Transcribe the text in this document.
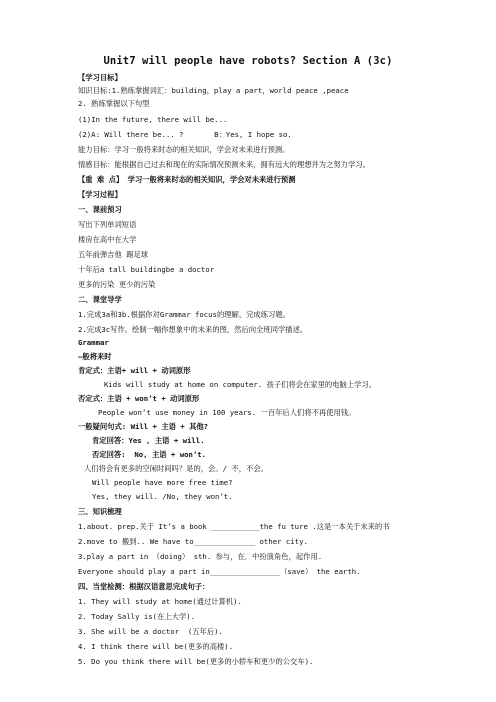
Unit7 will people have robots? Section A (3c)
【学习目标】
知识目标:1.熟练掌握词汇：building，play a part，world peace ,peace
2. 熟练掌握以下句型
(1)In the future, there will be...
(2)A: Will there be... ?       B：Yes, I hope so.
能力目标：学习一般将来时态的相关知识，学会对未来进行预测。
情感目标：能根据自己过去和现在的实际情况预测未来，拥有远大的理想并为之努力学习。
【重 难 点】 学习一般将来时态的相关知识，学会对未来进行预测
【学习过程】
一、课前预习
写出下列单词短语
楼房在高中在大学
五年前弹吉他 踢足球
十年后a tall buildingbe a doctor
更多的污染 更少的污染
二、课堂导学
1.完成3a和3b.根据你对Grammar focus的理解，完成练习题。
2.完成3c写作。绘制一幅你想象中的未来的图，然后向全班同学描述。
Grammar
—般将来时
肯定式：主语+ will + 动词原形
Kids will study at home on computer. 孩子们将会在家里的电脑上学习。
否定式：主语 + won’t + 动词原形
People won’t use money in 100 years. 一百年后人们将不再使用钱。
一般疑问句式: Will + 主语 + 其他?
肯定回答：Yes , 主语 + will.
否定回答:  No, 主语 + won’t.
人们将会有更多的空闲时间吗？是的，会。/ 不，不会。
Will people have more free time?
Yes, they will. /No, they won’t.
三、知识梳理
1.about. prep.关于 It’s a book ___________the fu ture .这是一本关于未来的书
2.move to 搬到.. We have to______________ other city.
3.play a part in （doing） sth. 参与，在．中扮演角色，起作用.
Everyone should play a part in________________（save） the earth.
四、当堂检测：根据汉语意思完成句子：
1. They will study at home(通过计算机).
2. Today Sally is(在上大学).
3. She will be a doctor  (五年后).
4. I think there will be(更多的高楼).
5. Do you think there will be(更多的小轿车和更少的公交车).
